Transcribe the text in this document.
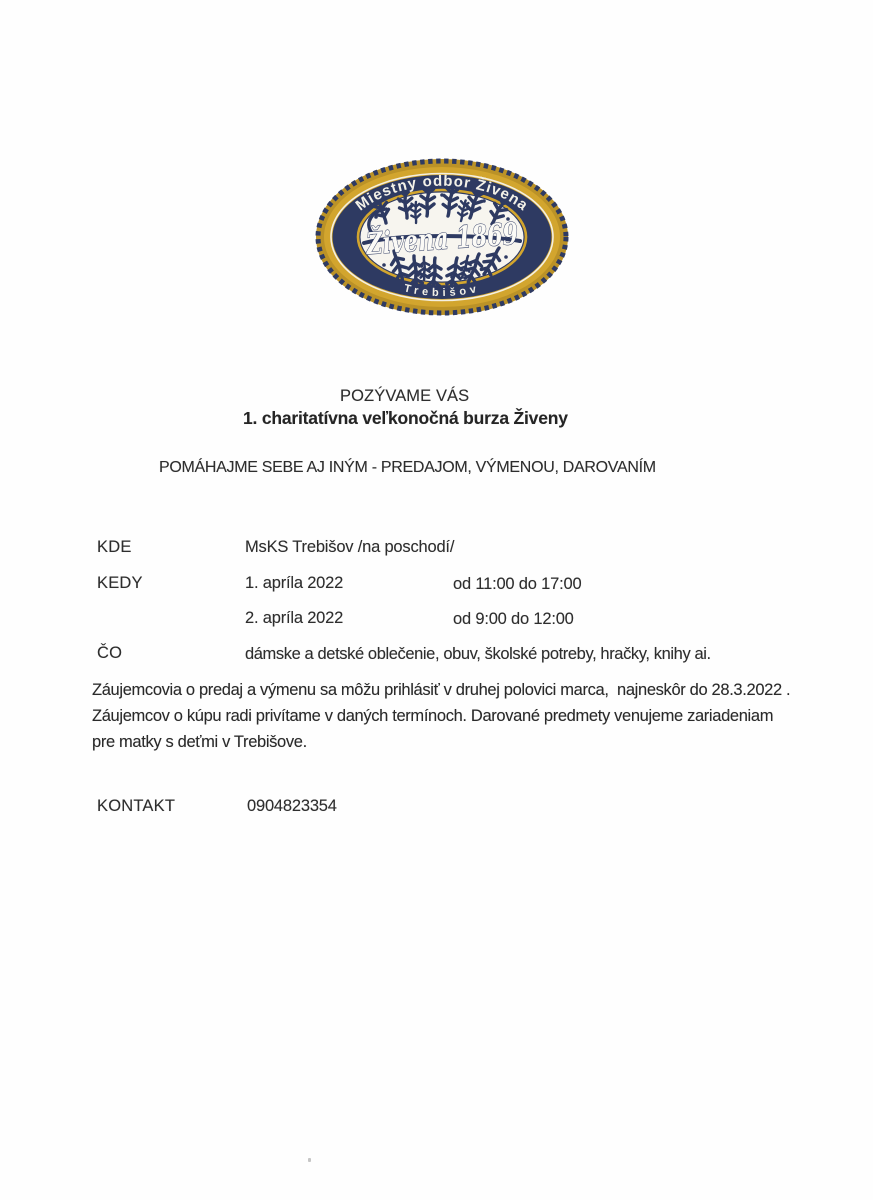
Miestny odbor Živena
Trebišov
Živena 1869
POZÝVAME VÁS
1. charitatívna veľkonočná burza Živeny
POMÁHAJME SEBE AJ INÝM - PREDAJOM, VÝMENOU, DAROVANÍM
KDE	MsKS Trebišov /na poschodí/
KEDY	1. apríla 2022	od 11:00 do 17:00
2. apríla 2022	od 9:00 do 12:00
ČO	dámske a detské oblečenie, obuv, školské potreby, hračky, knihy ai.
Záujemcovia o predaj a výmenu sa môžu prihlásiť v druhej polovici marca,  najneskôr do 28.3.2022 .
Záujemcov o kúpu radi privítame v daných termínoch. Darované predmety venujeme zariadeniam
pre matky s deťmi v Trebišove.
KONTAKT	0904823354
